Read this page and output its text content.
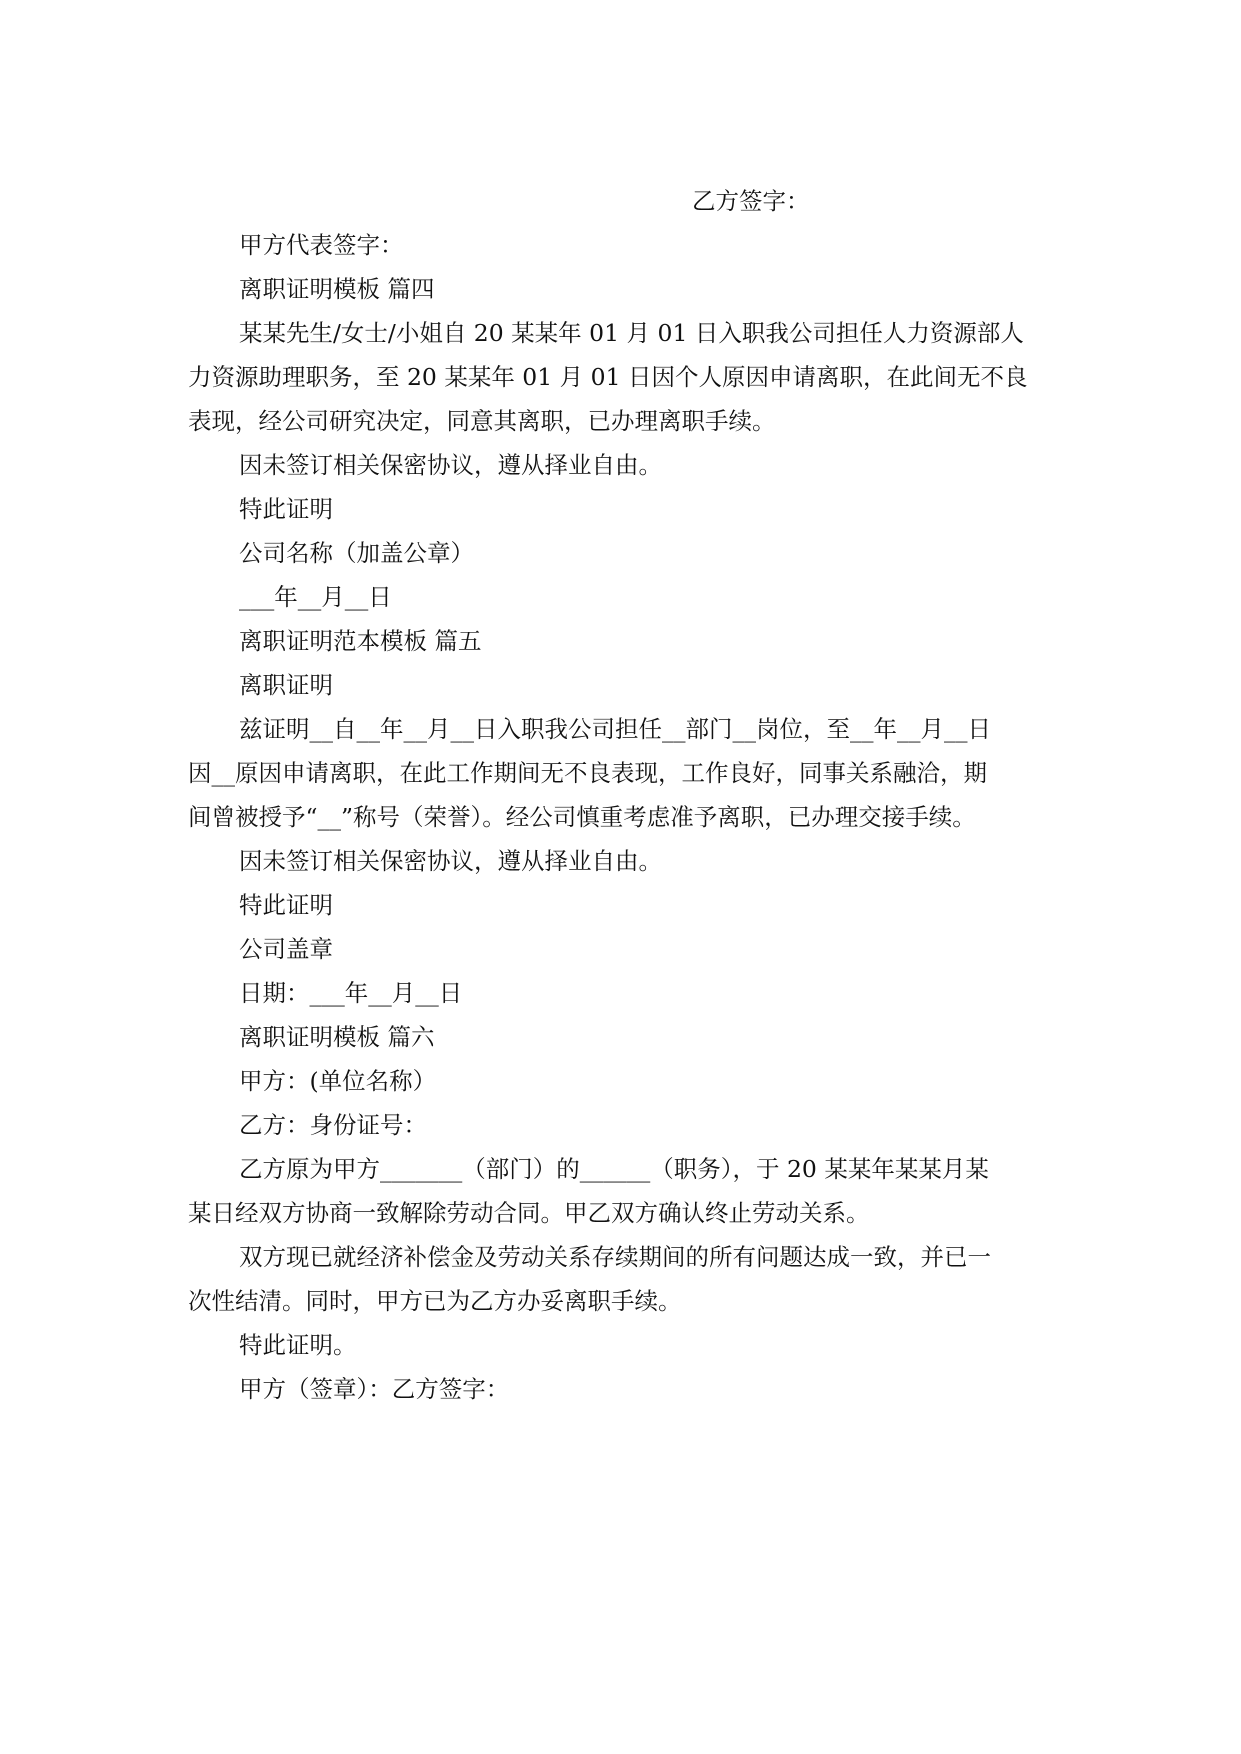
乙方签字：
甲方代表签字：
离职证明模板 篇四
某某先生/女士/小姐自 20 某某年 01 月 01 日入职我公司担任人力资源部人
力资源助理职务，至 20 某某年 01 月 01 日因个人原因申请离职，在此间无不良
表现，经公司研究决定，同意其离职，已办理离职手续。
因未签订相关保密协议，遵从择业自由。
特此证明
公司名称（加盖公章）
___年__月__日
离职证明范本模板 篇五
离职证明
兹证明__自__年__月__日入职我公司担任__部门__岗位，至__年__月__日
因__原因申请离职，在此工作期间无不良表现，工作良好，同事关系融洽，期
间曾被授予“__”称号（荣誉）。经公司慎重考虑准予离职，已办理交接手续。
因未签订相关保密协议，遵从择业自由。
特此证明
公司盖章
日期：___年__月__日
离职证明模板 篇六
甲方：(单位名称）
乙方：身份证号：
乙方原为甲方_______（部门）的______（职务），于 20 某某年某某月某
某日经双方协商一致解除劳动合同。甲乙双方确认终止劳动关系。
双方现已就经济补偿金及劳动关系存续期间的所有问题达成一致，并已一
次性结清。同时，甲方已为乙方办妥离职手续。
特此证明。
甲方（签章）：乙方签字：
